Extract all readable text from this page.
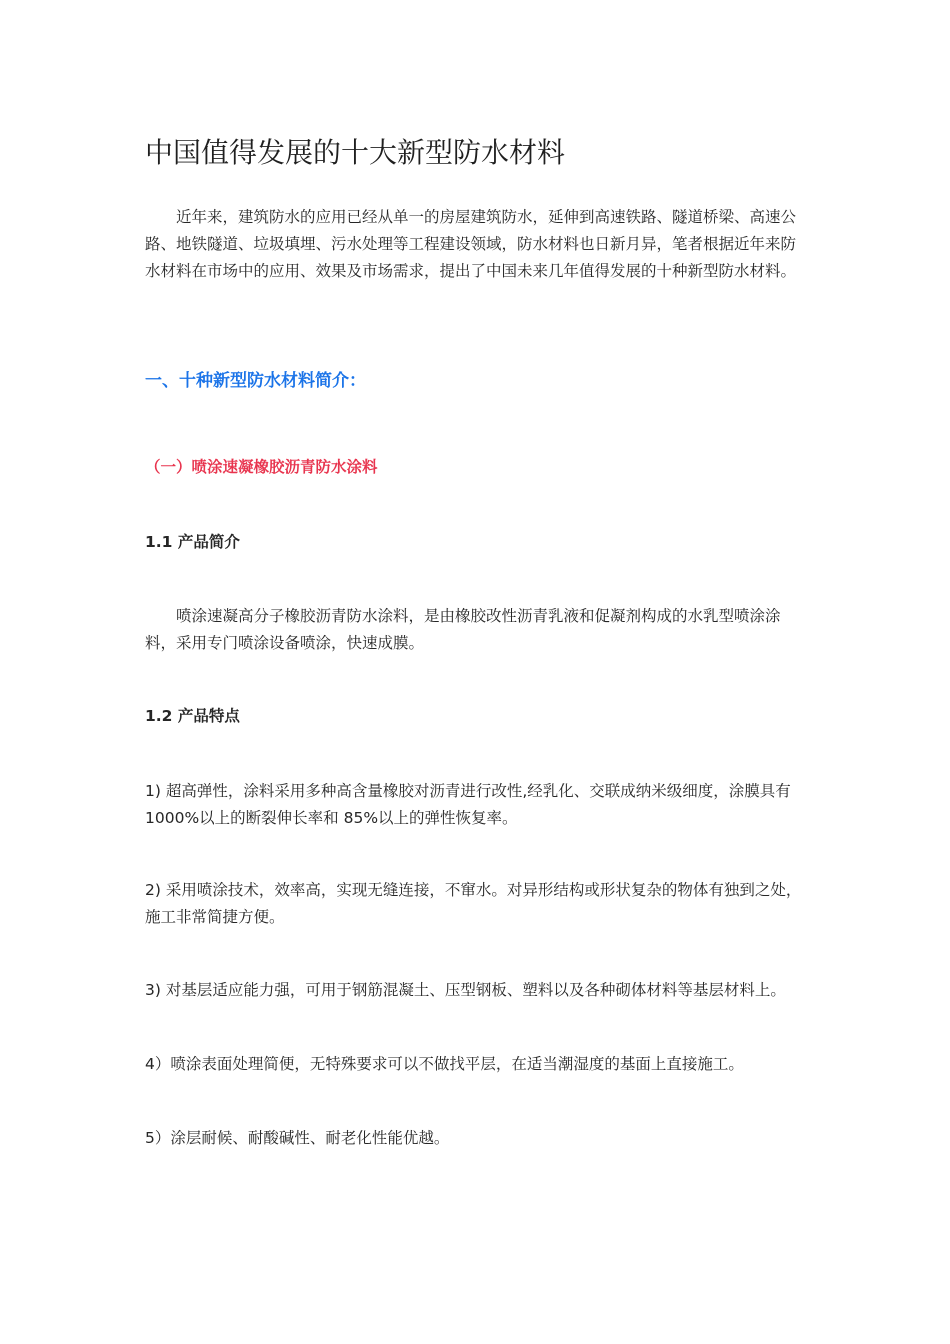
中国值得发展的十大新型防水材料

近年来，建筑防水的应用已经从单一的房屋建筑防水，延伸到高速铁路、隧道桥梁、高速公路、地铁隧道、垃圾填埋、污水处理等工程建设领域，防水材料也日新月异，笔者根据近年来防水材料在市场中的应用、效果及市场需求，提出了中国未来几年值得发展的十种新型防水材料。

一、十种新型防水材料简介：
（一）喷涂速凝橡胶沥青防水涂料
1.1 产品简介

喷涂速凝高分子橡胶沥青防水涂料，是由橡胶改性沥青乳液和促凝剂构成的水乳型喷涂涂料，采用专门喷涂设备喷涂，快速成膜。

1.2 产品特点

1) 超高弹性，涂料采用多种高含量橡胶对沥青进行改性,经乳化、交联成纳米级细度，涂膜具有 1000%以上的断裂伸长率和 85%以上的弹性恢复率。

2) 采用喷涂技术，效率高，实现无缝连接，不窜水。对异形结构或形状复杂的物体有独到之处，施工非常简捷方便。

3) 对基层适应能力强，可用于钢筋混凝土、压型钢板、塑料以及各种砌体材料等基层材料上。

4）喷涂表面处理简便，无特殊要求可以不做找平层，在适当潮湿度的基面上直接施工。

5）涂层耐候、耐酸碱性、耐老化性能优越。
